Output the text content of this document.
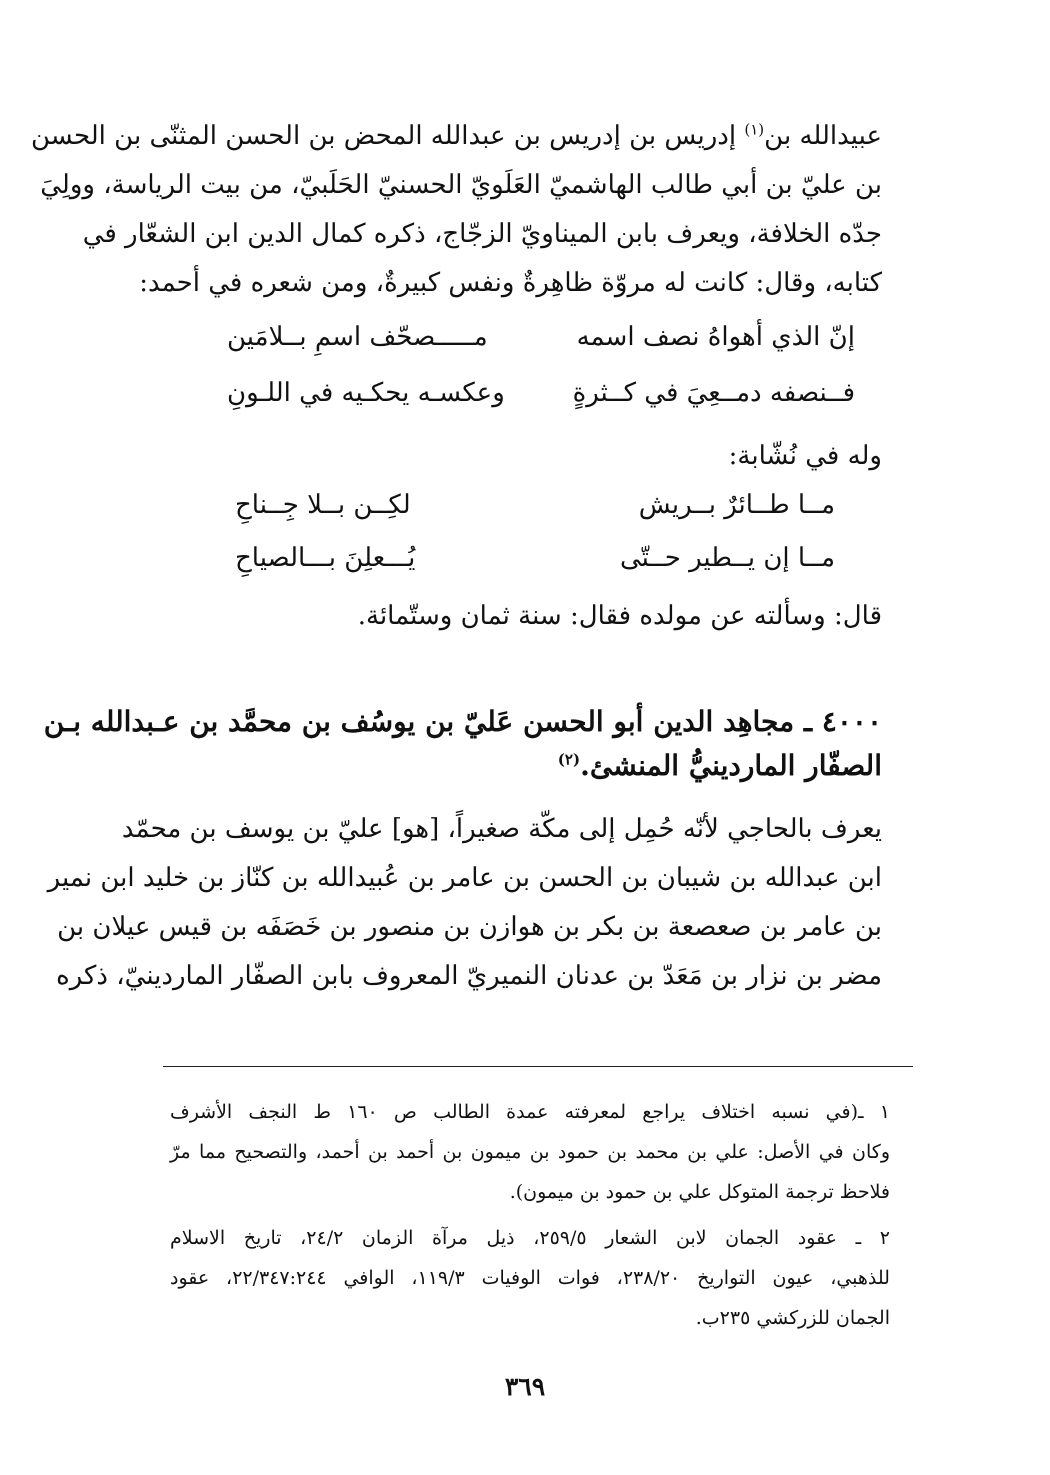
عبيدالله بن$^{(١)}$ إدريس بن إدريس بن عبدالله المحض بن الحسن المثنّى بن الحسن
بن عليّ بن أبي طالب الهاشميّ العَلَويّ الحسنيّ الحَلَبيّ، من بيت الرياسة، وولِيَ
جدّه الخلافة، ويعرف بابن الميناويّ الزجّاج، ذكره كمال الدين ابن الشعّار في
كتابه، وقال: كانت له مروّة ظاهِرةٌ ونفس كبيرةٌ، ومن شعره في أحمد:
إنّ الذي أهواهُ نصف اسمه
مـــــصحّف اسمِ بــلامَين
فــنصفه دمــعِيَ في كــثرةٍ
وعكسـه يحكـيه في اللـونِ
وله في نُشّابة:
مــا طــائرٌ بــريش
لكِــن بــلا جِــناحِ
مــا إن يــطير حــتّى
يُـــعلِنَ بـــالصياحِ
قال: وسألته عن مولده فقال: سنة ثمان وستّمائة.
٤٠٠٠ ـ مجاهِد الدين أبو الحسن عَليّ بن يوسُف بن محمَّد بن عـبدالله بـن
الصفّار الماردينيُّ المنشئ.$^{(٢)}$
يعرف بالحاجي لأنّه حُمِل إلى مكّة صغيراً، [هو] عليّ بن يوسف بن محمّد
ابن عبدالله بن شيبان بن الحسن بن عامر بن عُبيدالله بن كنّاز بن خليد ابن نمير
بن عامر بن صعصعة بن بكر بن هوازن بن منصور بن خَصَفَه بن قيس عيلان بن
مضر بن نزار بن مَعَدّ بن عدنان النميريّ المعروف بابن الصفّار الماردينيّ، ذكره
١ ـ(في نسبه اختلاف يراجع لمعرفته عمدة الطالب ص ١٦٠ ط النجف الأشرف
وكان في الأصل: علي بن محمد بن حمود بن ميمون بن أحمد بن أحمد، والتصحيح مما مرّ
فلاحظ ترجمة المتوكل علي بن حمود بن ميمون).
٢ ـ عقود الجمان لابن الشعار ٢٥٩/٥، ذيل مرآة الزمان ٢٤/٢، تاريخ الاسلام
للذهبي، عيون التواريخ ٢٣٨/٢٠، فوات الوفيات ١١٩/٣، الوافي ٢٢/٣٤٧:٢٤٤، عقود
الجمان للزركشي ٢٣٥ب.
٣٦٩
